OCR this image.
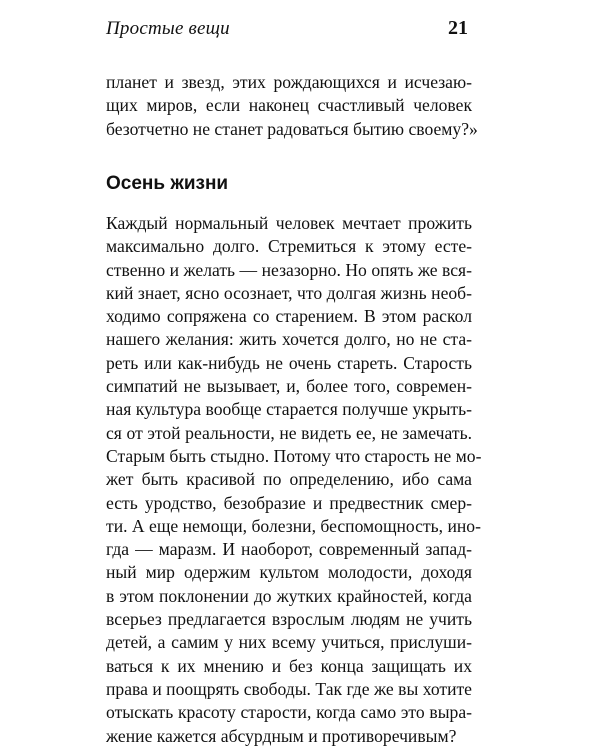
Простые вещи	21
планет и звезд, этих рождающихся и исчезаю-
щих миров, если наконец счастливый человек
безотчетно не станет радоваться бытию своему?»
Осень жизни
Каждый нормальный человек мечтает прожить
максимально долго. Стремиться к этому есте-
ственно и желать — незазорно. Но опять же вся-
кий знает, ясно осознает, что долгая жизнь необ-
ходимо сопряжена со старением. В этом раскол
нашего желания: жить хочется долго, но не ста-
реть или как-нибудь не очень стареть. Старость
симпатий не вызывает, и, более того, современ-
ная культура вообще старается получше укрыть-
ся от этой реальности, не видеть ее, не замечать.
Старым быть стыдно. Потому что старость не мо-
жет быть красивой по определению, ибо сама
есть уродство, безобразие и предвестник смер-
ти. А еще немощи, болезни, беспомощность, ино-
гда — маразм. И наоборот, современный запад-
ный мир одержим культом молодости, доходя
в этом поклонении до жутких крайностей, когда
всерьез предлагается взрослым людям не учить
детей, а самим у них всему учиться, прислуши-
ваться к их мнению и без конца защищать их
права и поощрять свободы. Так где же вы хотите
отыскать красоту старости, когда само это выра-
жение кажется абсурдным и противоречивым?
